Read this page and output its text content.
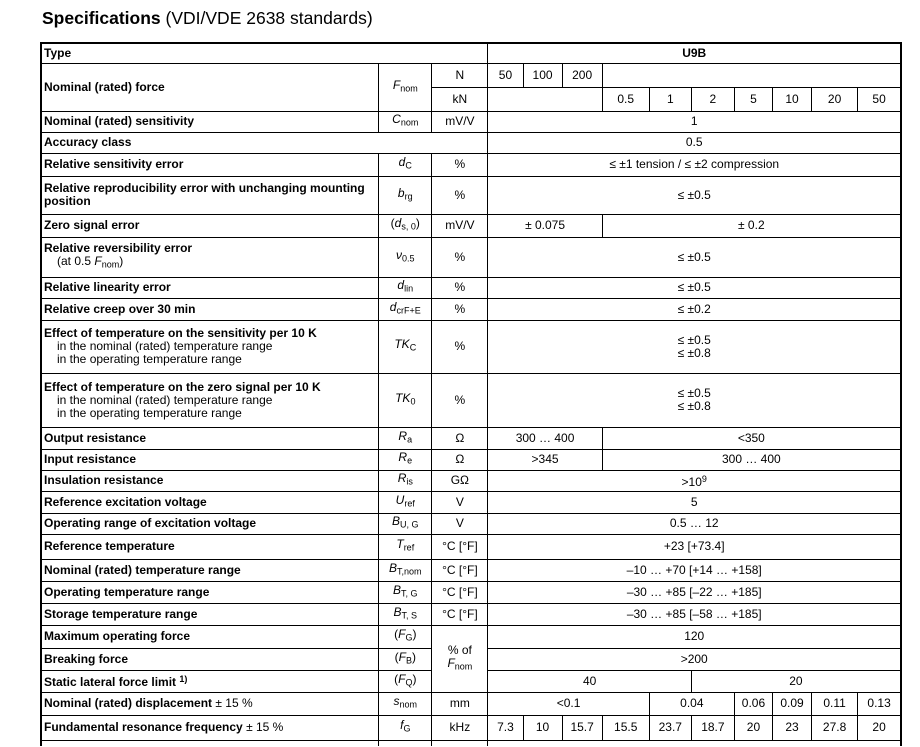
Specifications (VDI/VDE 2638 standards)
Type			U9B									

Nominal (rated) force	$F_{nom}$	N	50	100	200							

		kN				0.5	1	2	5	10	20	50

Nominal (rated) sensitivity	$C_{nom}$	mV/V	1									

Accuracy class			0.5									

Relative sensitivity error	$d_C$	%	≤ ±1 tension / ≤ ±2 compression									

Relative reproducibility error with unchanging mounting position	$b_{rg}$	%	≤ ±0.5									

Zero signal error	$(d_{s, 0})$	mV/V	± 0.075			± 0.2						

Relative reversibility error
(at 0.5 $F_{nom}$)	$\nu_{0.5}$	%	≤ ±0.5									

Relative linearity error	$d_{lin}$	%	≤ ±0.5									

Relative creep over 30 min	$d_{crF+E}$	%	≤ ±0.2									

Effect of temperature on the sensitivity per 10 K
in the nominal (rated) temperature range
in the operating temperature range
	$TK_C$	%	≤ ±0.5
≤ ±0.8

Effect of temperature on the zero signal per 10 K
in the nominal (rated) temperature range
in the operating temperature range
	$TK_0$	%	≤ ±0.5
≤ ±0.8

Output resistance	$R_a$	Ω	300 … 400			<350						

Input resistance	$R_e$	Ω	>345			300 … 400						

Insulation resistance	$R_{is}$	GΩ	$>10^9$

Reference excitation voltage	$U_{ref}$	V	5									

Operating range of excitation voltage	$B_{U, G}$	V	0.5 … 12									

Reference temperature	$T_{ref}$	°C [°F]	+23 [+73.4]									

Nominal (rated) temperature range	$B_{T,nom}$	°C [°F]	–10 … +70 [+14 … +158]									

Operating temperature range	$B_{T, G}$	°C [°F]	–30 … +85 [–22 … +185]									

Storage temperature range	$B_{T, S}$	°C [°F]	–30 … +85 [–58 … +185]									

Maximum operating force	$(F_G)$	% of
$F_{nom}$	120									

Breaking force	$(F_B)$		>200									

Static lateral force limit $^{1)}$	$(F_Q)$		40					20				

Nominal (rated) displacement ± 15 %	$s_{nom}$	mm	<0.1				0.04		0.06	0.09	0.11	0.13

Fundamental resonance frequency ± 15 %	$f_G$	kHz	7.3	10	15.7	15.5	23.7	18.7	20	23	27.8	20
